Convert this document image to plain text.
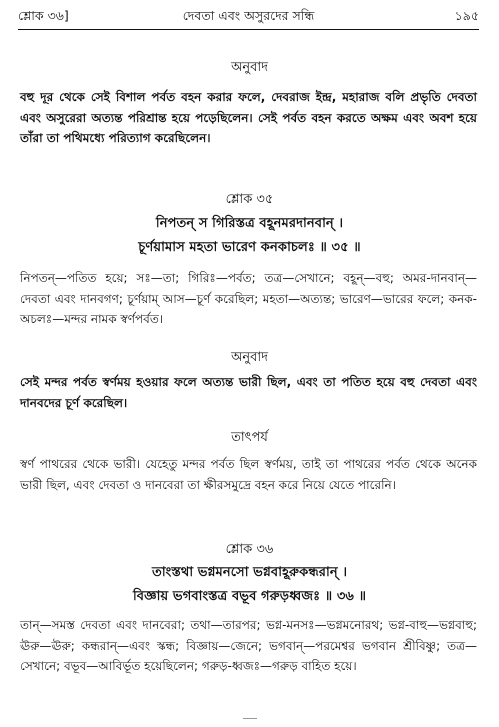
শ্লোক ৩৬]	দেবতা এবং অসুরদের সন্ধি	১৯৫
অনুবাদ
বহু দূর থেকে সেই বিশাল পর্বত বহন করার ফলে, দেবরাজ ইন্দ্র, মহারাজ বলি প্রভৃতি দেবতা এবং অসুরেরা অত্যন্ত পরিশ্রান্ত হয়ে পড়েছিলেন। সেই পর্বত বহন করতে অক্ষম এবং অবশ হয়ে তাঁরা তা পথিমধ্যে পরিত্যাগ করেছিলেন।
শ্লোক ৩৫
নিপতন্ স গিরিস্তত্র বহূনমরদানবান্ ।
চূর্ণয়ামাস মহতা ভারেণ কনকাচলঃ ॥ ৩৫ ॥
নিপতন্—পতিত হয়ে; সঃ—তা; গিরিঃ—পর্বত; তত্র—সেখানে; বহূন্—বহু; অমর-দানবান্—দেবতা এবং দানবগণ; চূর্ণয়াম্ আস—চূর্ণ করেছিল; মহতা—অত্যন্ত; ভারেণ—ভারের ফলে; কনক-অচলঃ—মন্দর নামক স্বর্ণপর্বত।
অনুবাদ
সেই মন্দর পর্বত স্বর্ণময় হওয়ার ফলে অত্যন্ত ভারী ছিল, এবং তা পতিত হয়ে বহু দেবতা এবং দানবদের চূর্ণ করেছিল।
তাৎপর্য
স্বর্ণ পাথরের থেকে ভারী। যেহেতু মন্দর পর্বত ছিল স্বর্ণময়, তাই তা পাথরের পর্বত থেকে অনেক ভারী ছিল, এবং দেবতা ও দানবেরা তা ক্ষীরসমুদ্রে বহন করে নিয়ে যেতে পারেনি।
শ্লোক ৩৬
তাংস্তথা ভগ্নমনসো ভগ্নবাহূরুকন্ধরান্ ।
বিজ্ঞায় ভগবাংস্তত্র বভূব গরুড়ধ্বজঃ ॥ ৩৬ ॥
তান্—সমস্ত দেবতা এবং দানবেরা; তথা—তারপর; ভগ্ন-মনসঃ—ভগ্নমনোরথ; ভগ্ন-বাহু—ভগ্নবাহু; ঊরু—ঊরু; কন্ধরান্—এবং স্কন্ধ; বিজ্ঞায়—জেনে; ভগবান্—পরমেশ্বর ভগবান শ্রীবিষ্ণু; তত্র—সেখানে; বভূব—আবির্ভূত হয়েছিলেন; গরুড়-ধ্বজঃ—গরুড় বাহিত হয়ে।
